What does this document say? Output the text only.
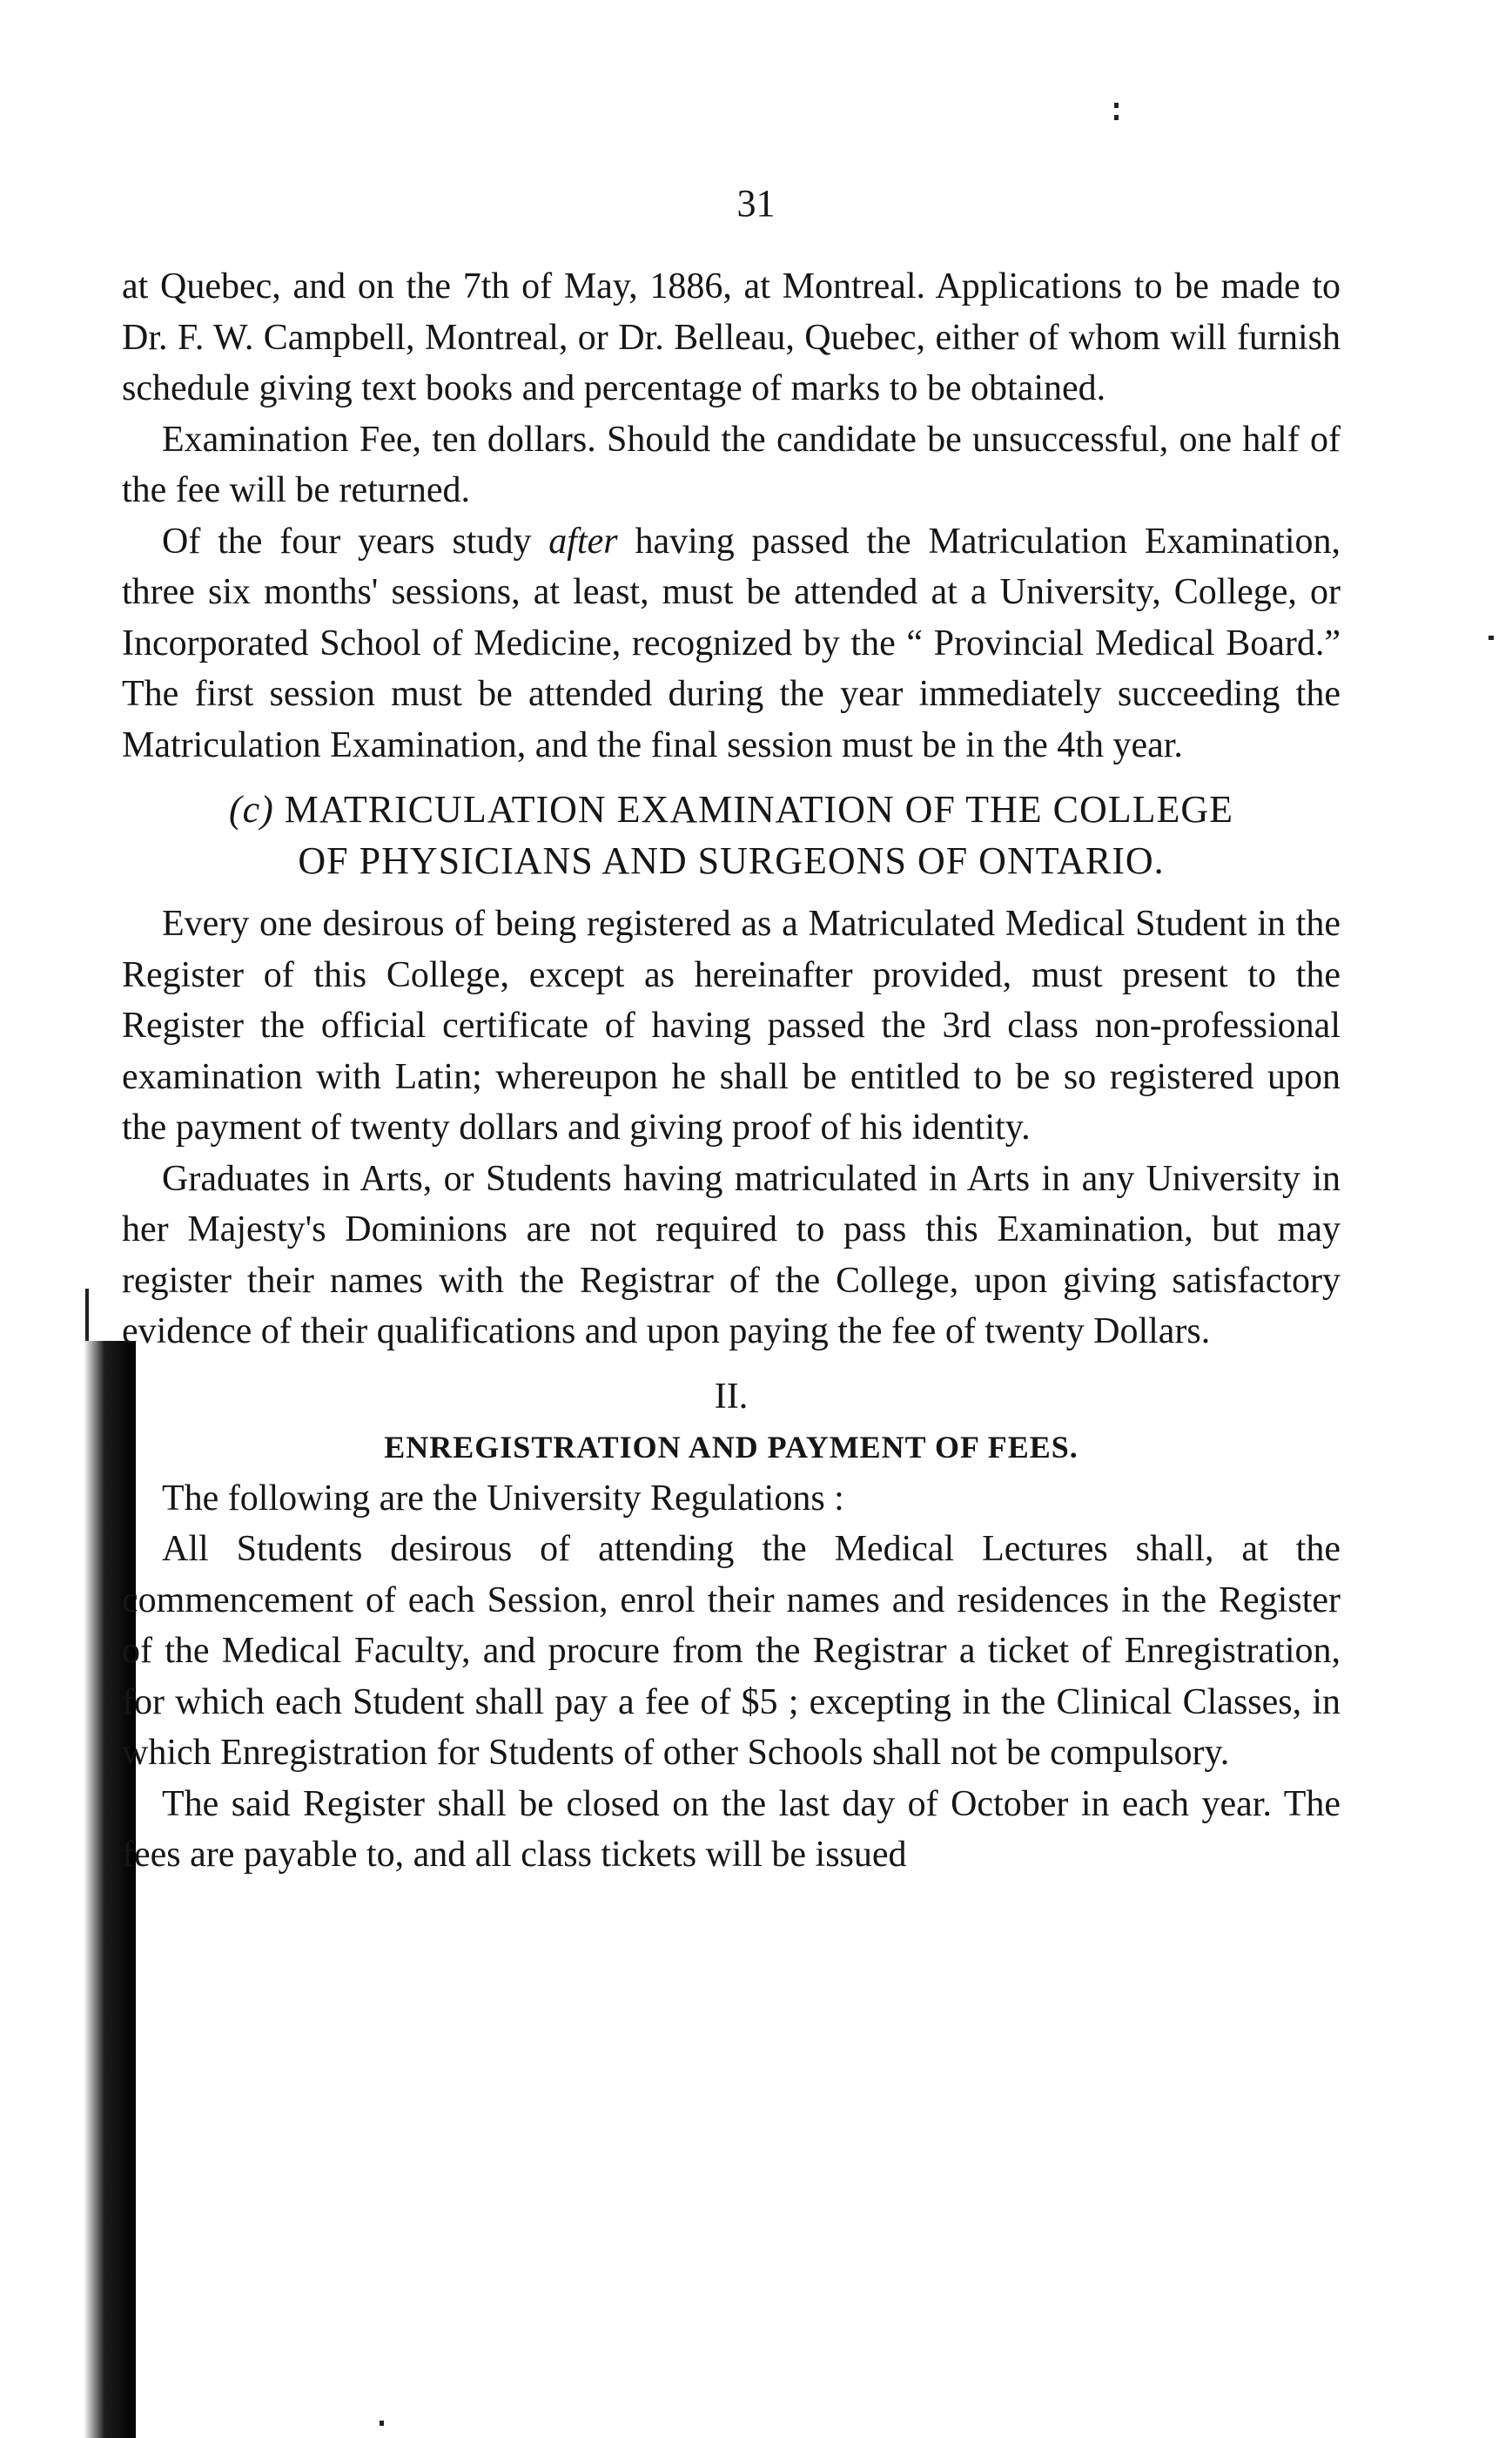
31

at Quebec, and on the 7th of May, 1886, at Montreal. Applications to be made to Dr. F. W. Campbell, Montreal, or Dr. Belleau, Quebec, either of whom will furnish schedule giving text books and percentage of marks to be obtained.

Examination Fee, ten dollars. Should the candidate be unsuccessful, one half of the fee will be returned.

Of the four years study after having passed the Matriculation Examination, three six months' sessions, at least, must be attended at a University, College, or Incorporated School of Medicine, recognized by the “ Provincial Medical Board.” The first session must be attended during the year immediately succeeding the Matriculation Examination, and the final session must be in the 4th year.

(c) MATRICULATION EXAMINATION OF THE COLLEGE

OF PHYSICIANS AND SURGEONS OF ONTARIO.

Every one desirous of being registered as a Matriculated Medical Student in the Register of this College, except as hereinafter provided, must present to the Register the official certificate of having passed the 3rd class non-professional examination with Latin; whereupon he shall be entitled to be so registered upon the payment of twenty dollars and giving proof of his identity.

Graduates in Arts, or Students having matriculated in Arts in any University in her Majesty's Dominions are not required to pass this Examination, but may register their names with the Registrar of the College, upon giving satisfactory evidence of their qualifications and upon paying the fee of twenty Dollars.

II.

ENREGISTRATION AND PAYMENT OF FEES.

The following are the University Regulations :

All Students desirous of attending the Medical Lectures shall, at the commencement of each Session, enrol their names and residences in the Register of the Medical Faculty, and procure from the Registrar a ticket of Enregistration, for which each Student shall pay a fee of $5 ; excepting in the Clinical Classes, in which Enregistration for Students of other Schools shall not be compulsory.

The said Register shall be closed on the last day of October in each year. The fees are payable to, and all class tickets will be issued
